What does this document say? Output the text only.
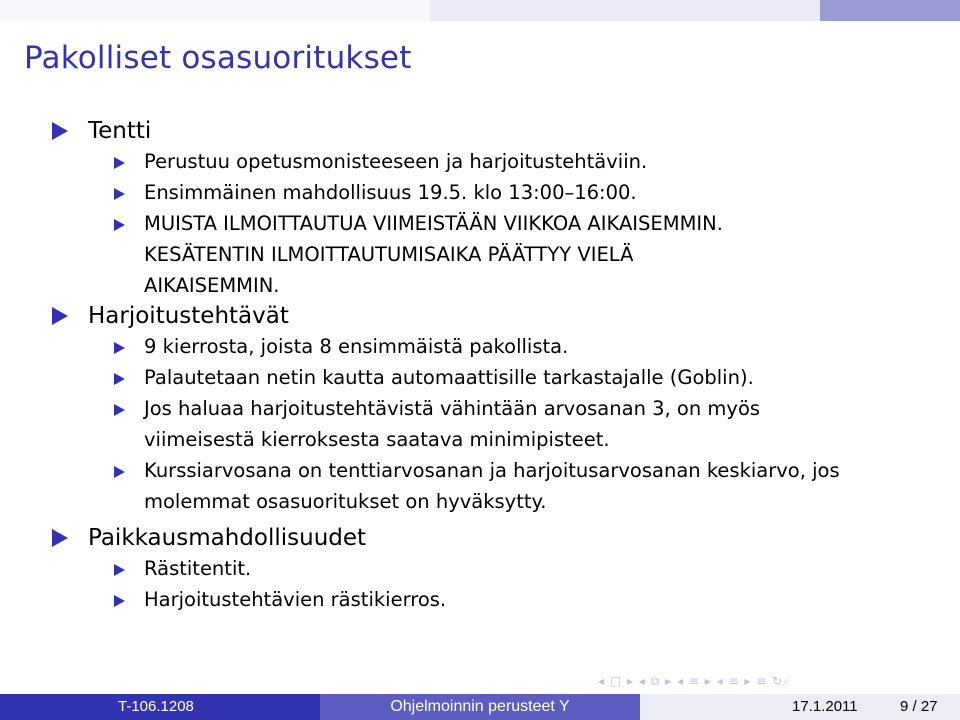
Pakolliset osasuoritukset
Tentti
Perustuu opetusmonisteeseen ja harjoitustehtäviin.
Ensimmäinen mahdollisuus 19.5. klo 13:00–16:00.
MUISTA ILMOITTAUTUA VIIMEISTÄÄN VIIKKOA AIKAISEMMIN.
KESÄTENTIN ILMOITTAUTUMISAIKA PÄÄTTYY VIELÄ
AIKAISEMMIN.
Harjoitustehtävät
9 kierrosta, joista 8 ensimmäistä pakollista.
Palautetaan netin kautta automaattisille tarkastajalle (Goblin).
Jos haluaa harjoitustehtävistä vähintään arvosanan 3, on myös
viimeisestä kierroksesta saatava minimipisteet.
Kurssiarvosana on tenttiarvosanan ja harjoitusarvosanan keskiarvo, jos
molemmat osasuoritukset on hyväksytty.
Paikkausmahdollisuudet
Rästitentit.
Harjoitustehtävien rästikierros.
◂ □ ▸ ◂ ⧉ ▸ ◂ ≡ ▸ ◂ ≡ ▸ ≡ ↻⌕
T-106.1208	Ohjelmoinnin perusteet Y	17.1.2011	9 / 27
